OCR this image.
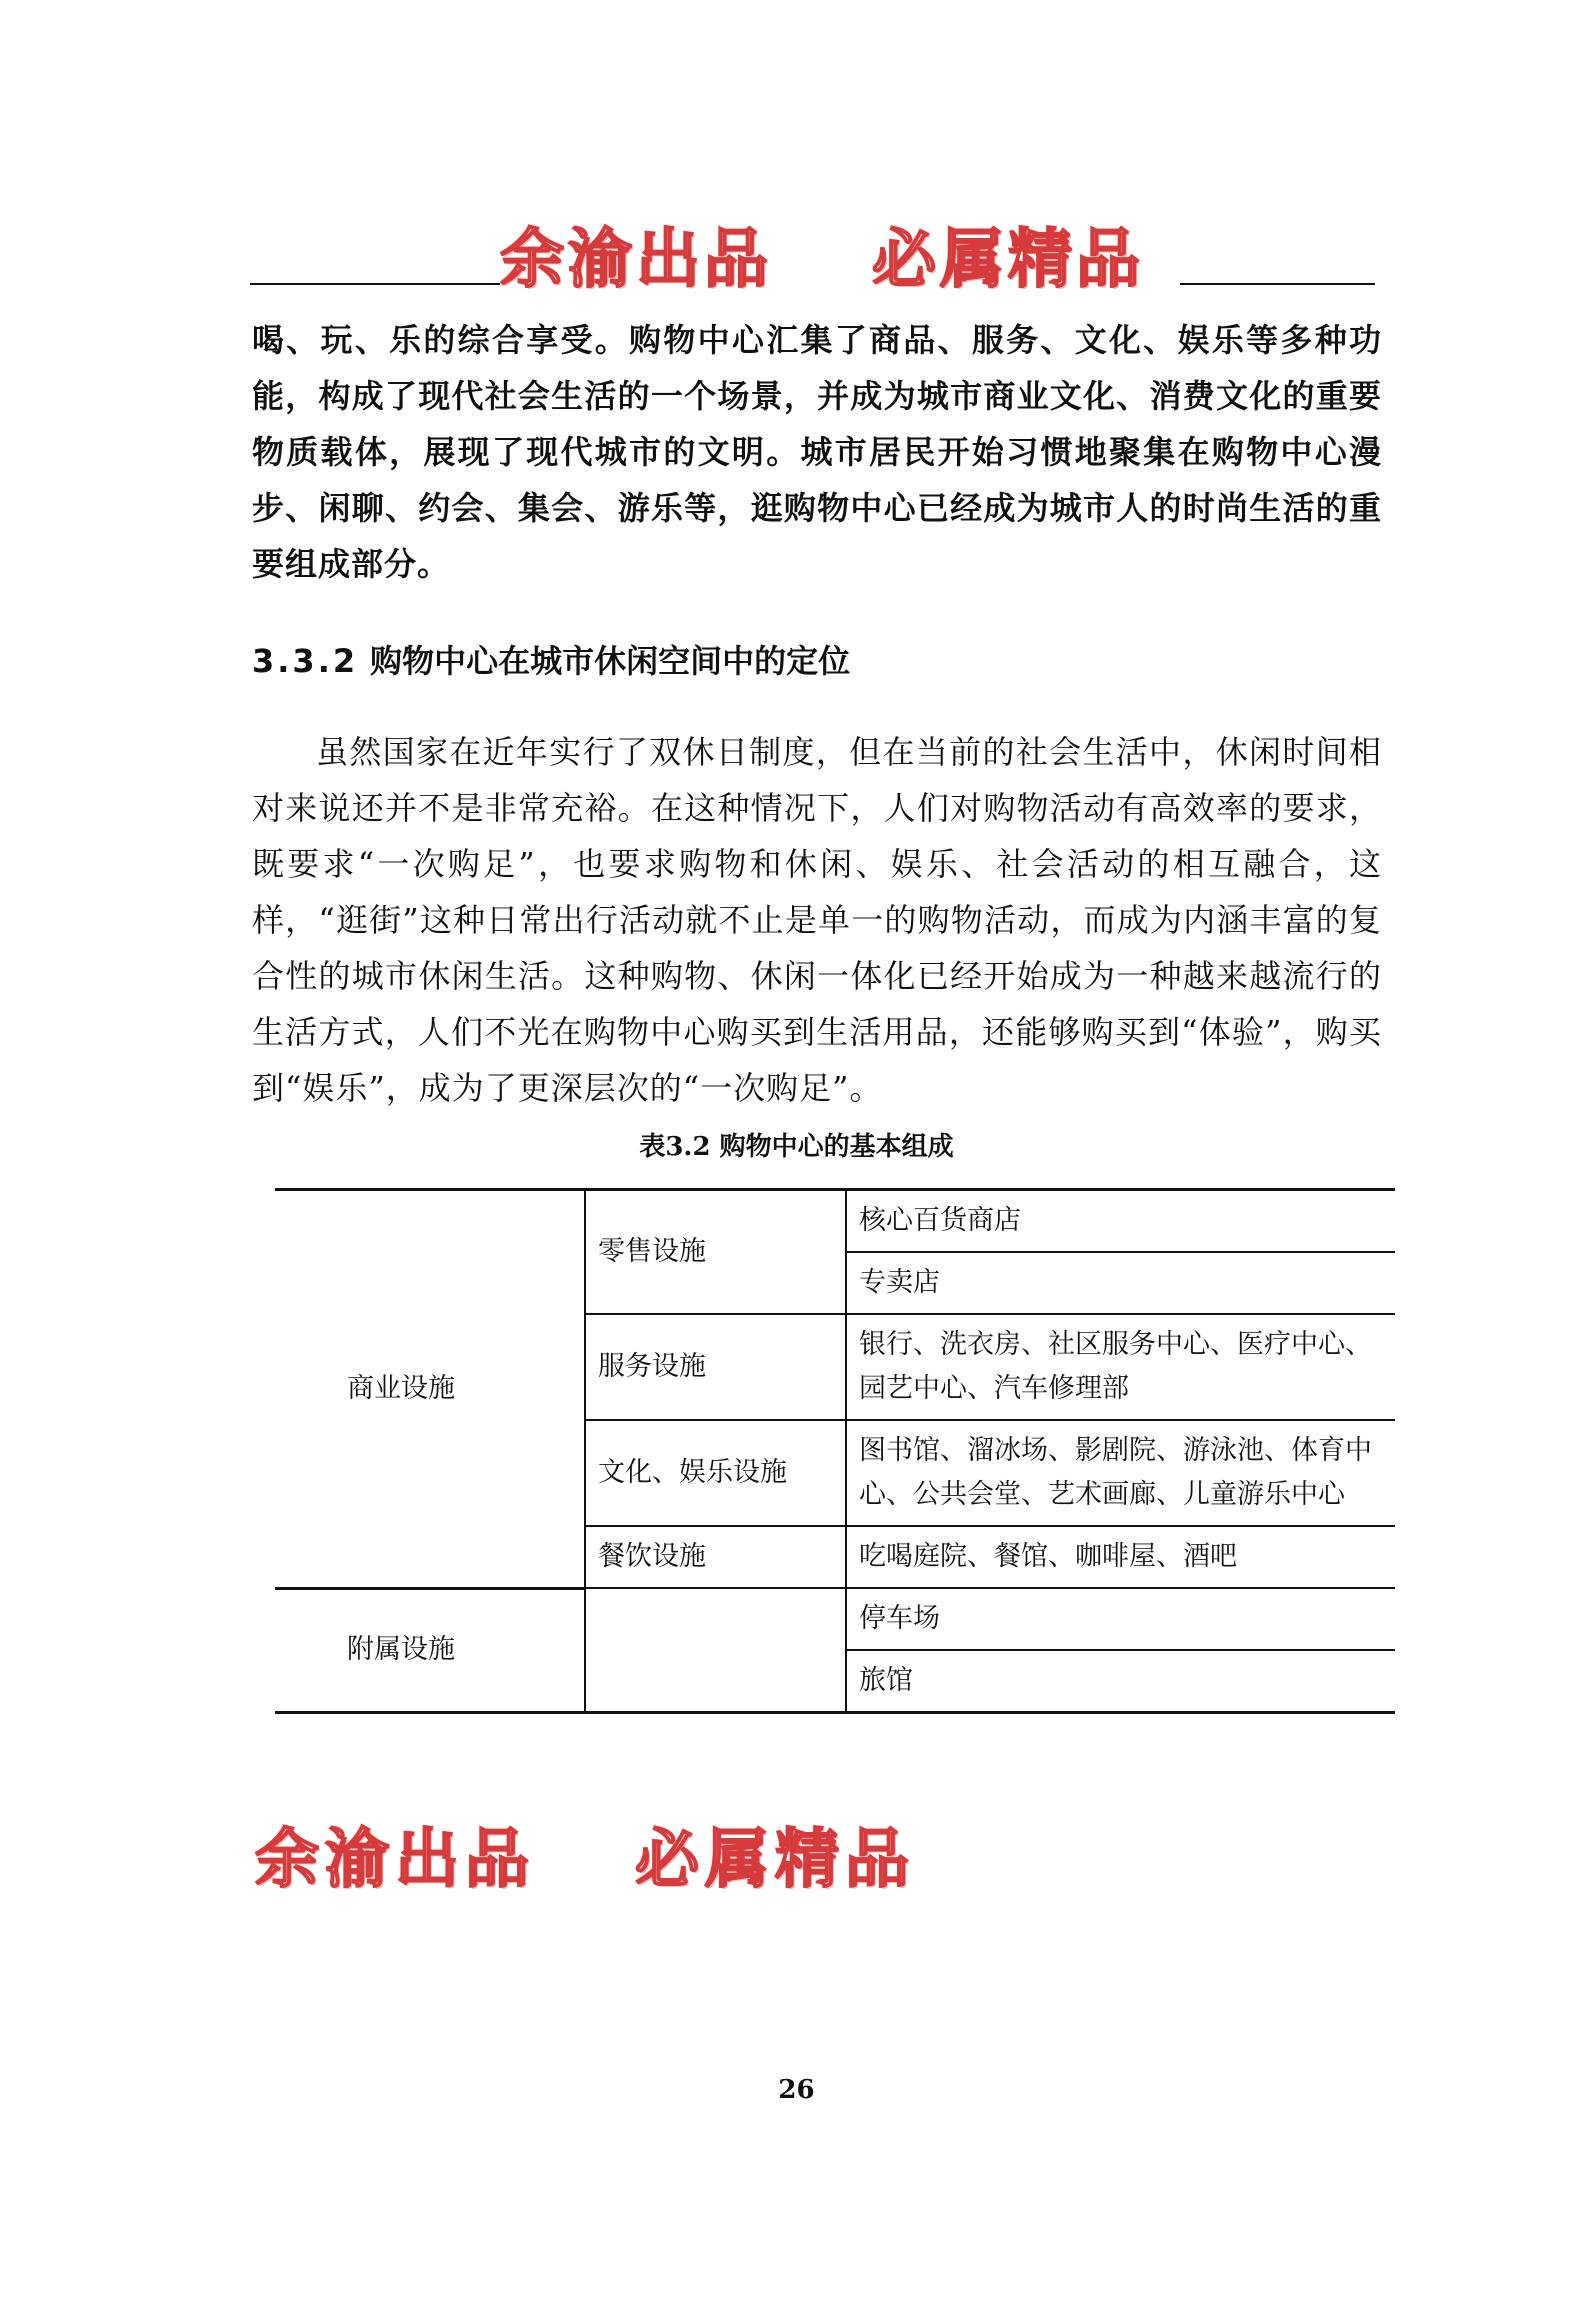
余渝出品 必属精品

喝、玩、乐的综合享受。购物中心汇集了商品、服务、文化、娱乐等多种功能，构成了现代社会生活的一个场景，并成为城市商业文化、消费文化的重要物质载体，展现了现代城市的文明。城市居民开始习惯地聚集在购物中心漫步、闲聊、约会、集会、游乐等，逛购物中心已经成为城市人的时尚生活的重要组成部分。

3.3.2 购物中心在城市休闲空间中的定位

虽然国家在近年实行了双休日制度，但在当前的社会生活中，休闲时间相对来说还并不是非常充裕。在这种情况下，人们对购物活动有高效率的要求，既要求“一次购足”，也要求购物和休闲、娱乐、社会活动的相互融合，这样，“逛街”这种日常出行活动就不止是单一的购物活动，而成为内涵丰富的复合性的城市休闲生活。这种购物、休闲一体化已经开始成为一种越来越流行的生活方式，人们不光在购物中心购买到生活用品，还能够购买到“体验”，购买到“娱乐”，成为了更深层次的“一次购足”。

表3.2 购物中心的基本组成
商业设施	零售设施	核心百货商店
		专卖店
	服务设施	银行、洗衣房、社区服务中心、医疗中心、园艺中心、汽车修理部
	文化、娱乐设施	图书馆、溜冰场、影剧院、游泳池、体育中心、公共会堂、艺术画廊、儿童游乐中心
	餐饮设施	吃喝庭院、餐馆、咖啡屋、酒吧
附属设施		停车场
		旅馆
余渝出品 必属精品
26
